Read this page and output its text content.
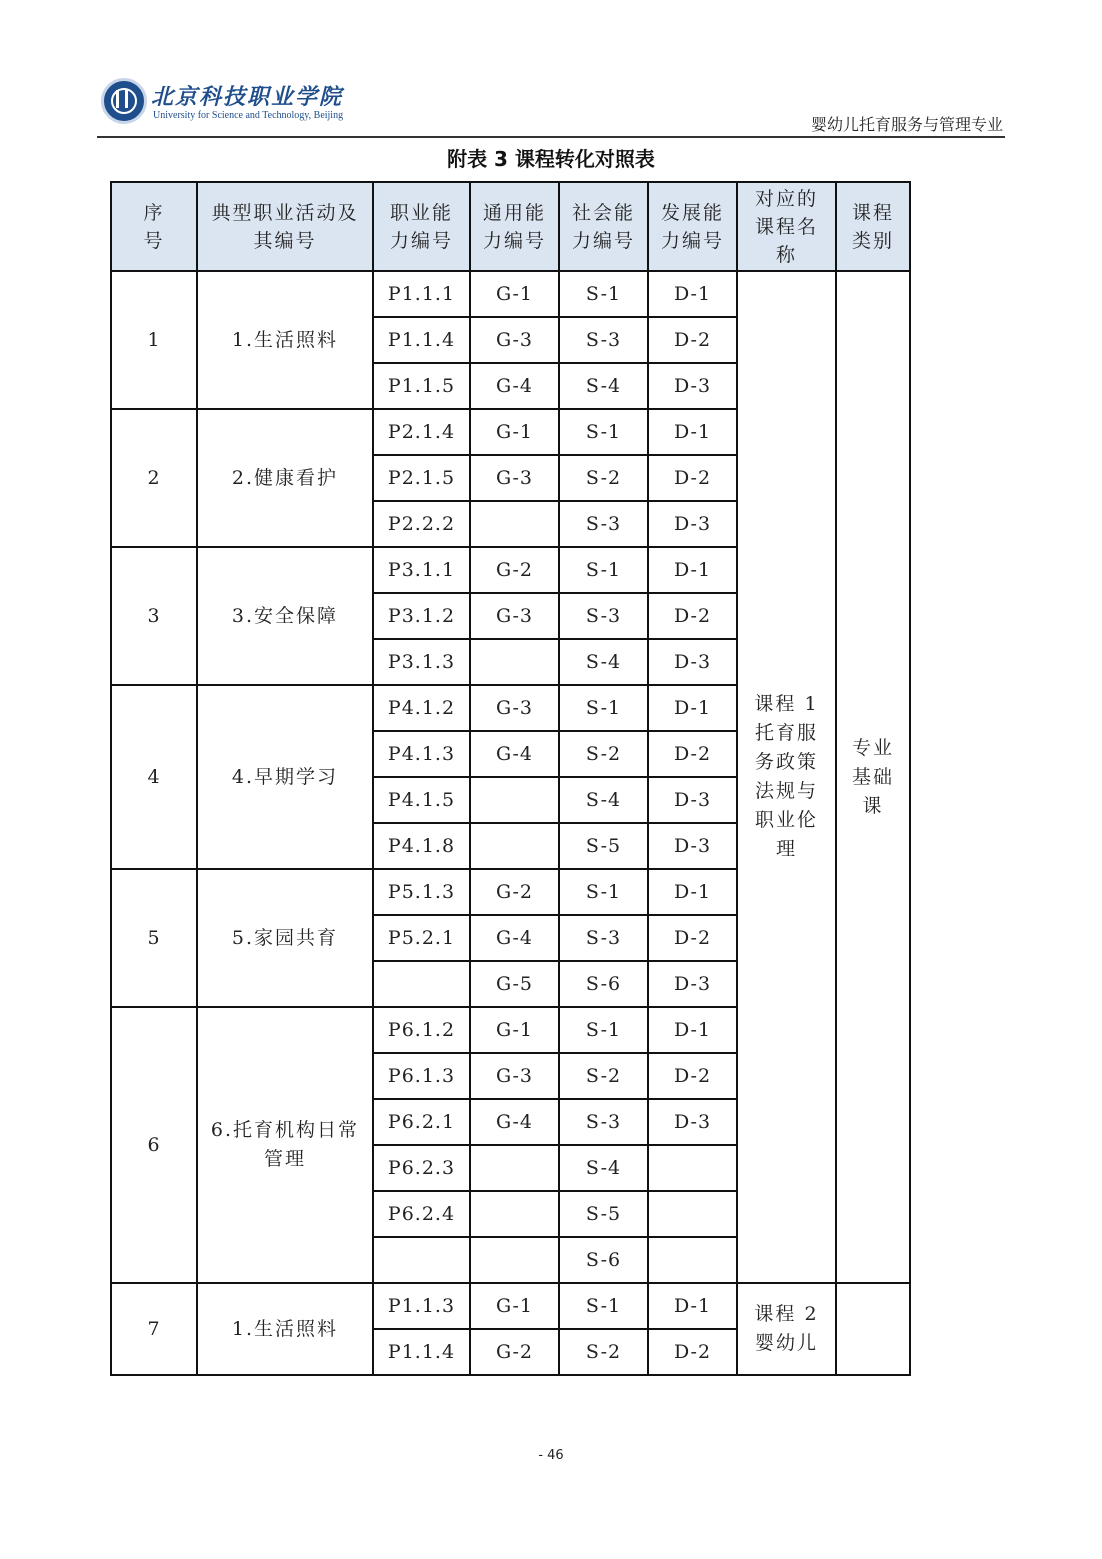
北京科技职业学院
University for Science and Technology, Beijing	婴幼儿托育服务与管理专业
附表 3 课程转化对照表
序号	典型职业活动及其编号	职业能力编号	通用能力编号	社会能力编号	发展能力编号	对应的课程名称	课程类别

1	1.生活照料	P1.1.1	G-1	S-1	D-1	课程 1 托育服务政策法规与职业伦理	专业基础课

		P1.1.4	G-3	S-3	D-2		
		P1.1.5	G-4	S-4	D-3		
2	2.健康看护	P2.1.4	G-1	S-1	D-1		
		P2.1.5	G-3	S-2	D-2		
		P2.2.2		S-3	D-3		
3	3.安全保障	P3.1.1	G-2	S-1	D-1		
		P3.1.2	G-3	S-3	D-2		
		P3.1.3		S-4	D-3		
4	4.早期学习	P4.1.2	G-3	S-1	D-1		
		P4.1.3	G-4	S-2	D-2		
		P4.1.5		S-4	D-3		
		P4.1.8		S-5	D-3		
5	5.家园共育	P5.1.3	G-2	S-1	D-1		
		P5.2.1	G-4	S-3	D-2		
			G-5	S-6	D-3		
6	6.托育机构日常管理	P6.1.2	G-1	S-1	D-1		
		P6.1.3	G-3	S-2	D-2		
		P6.2.1	G-4	S-3	D-3		
		P6.2.3		S-4			
		P6.2.4		S-5			
				S-6			
7	1.生活照料	P1.1.3	G-1	S-1	D-1	课程 2 婴幼儿	

		P1.1.4	G-2	S-2	D-2		
- 46
